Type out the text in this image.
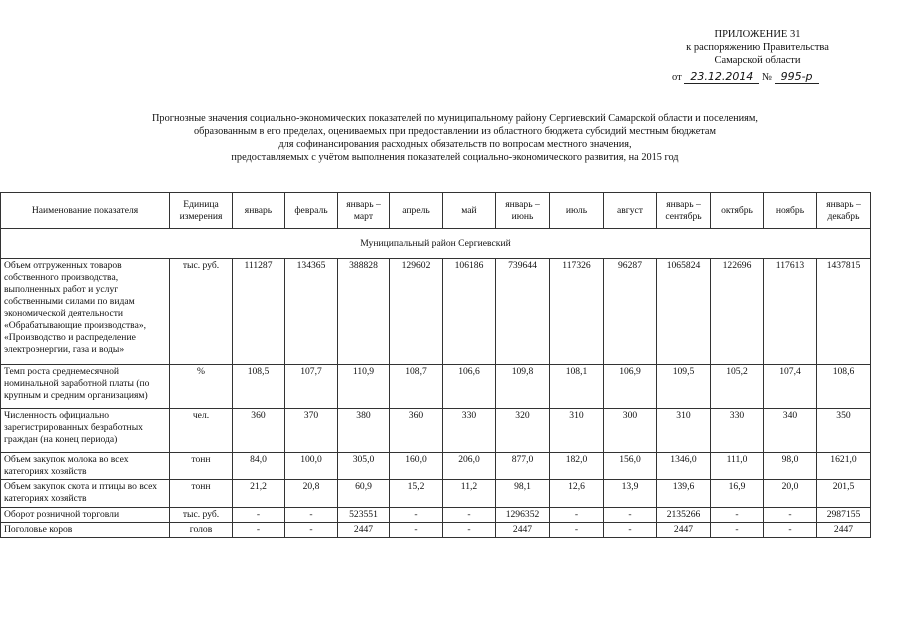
ПРИЛОЖЕНИЕ 31
к распоряжению Правительства
Самарской области
от 23.12.2014 № 995-р
Прогнозные значения социально-экономических показателей по муниципальному району Сергиевский Самарской области и поселениям,
образованным в его пределах, оцениваемых при предоставлении из областного бюджета субсидий местным бюджетам
для софинансирования расходных обязательств по вопросам местного значения,
предоставляемых с учётом выполнения показателей социально-экономического развития, на 2015 год
Наименование показателя	Единица измерения	январь	февраль	январь – март	апрель	май	январь – июнь	июль	август	январь – сентябрь	октябрь	ноябрь	январь – декабрь
Муниципальный район Сергиевский													
Объем отгруженных товаров собственного производства, выполненных работ и услуг собственными силами по видам экономической деятельности «Обрабатывающие производства», «Производство и распределение электроэнергии, газа и воды»	тыс. руб.	111287	134365	388828	129602	106186	739644	117326	96287	1065824	122696	117613	1437815
Темп роста среднемесячной номинальной заработной платы (по крупным и средним организациям)	%	108,5	107,7	110,9	108,7	106,6	109,8	108,1	106,9	109,5	105,2	107,4	108,6
Численность официально зарегистрированных безработных граждан (на конец периода)	чел.	360	370	380	360	330	320	310	300	310	330	340	350
Объем закупок молока во всех категориях хозяйств	тонн	84,0	100,0	305,0	160,0	206,0	877,0	182,0	156,0	1346,0	111,0	98,0	1621,0
Объем закупок скота и птицы во всех категориях хозяйств	тонн	21,2	20,8	60,9	15,2	11,2	98,1	12,6	13,9	139,6	16,9	20,0	201,5
Оборот розничной торговли	тыс. руб.	-	-	523551	-	-	1296352	-	-	2135266	-	-	2987155
Поголовье коров	голов	-	-	2447	-	-	2447	-	-	2447	-	-	2447
